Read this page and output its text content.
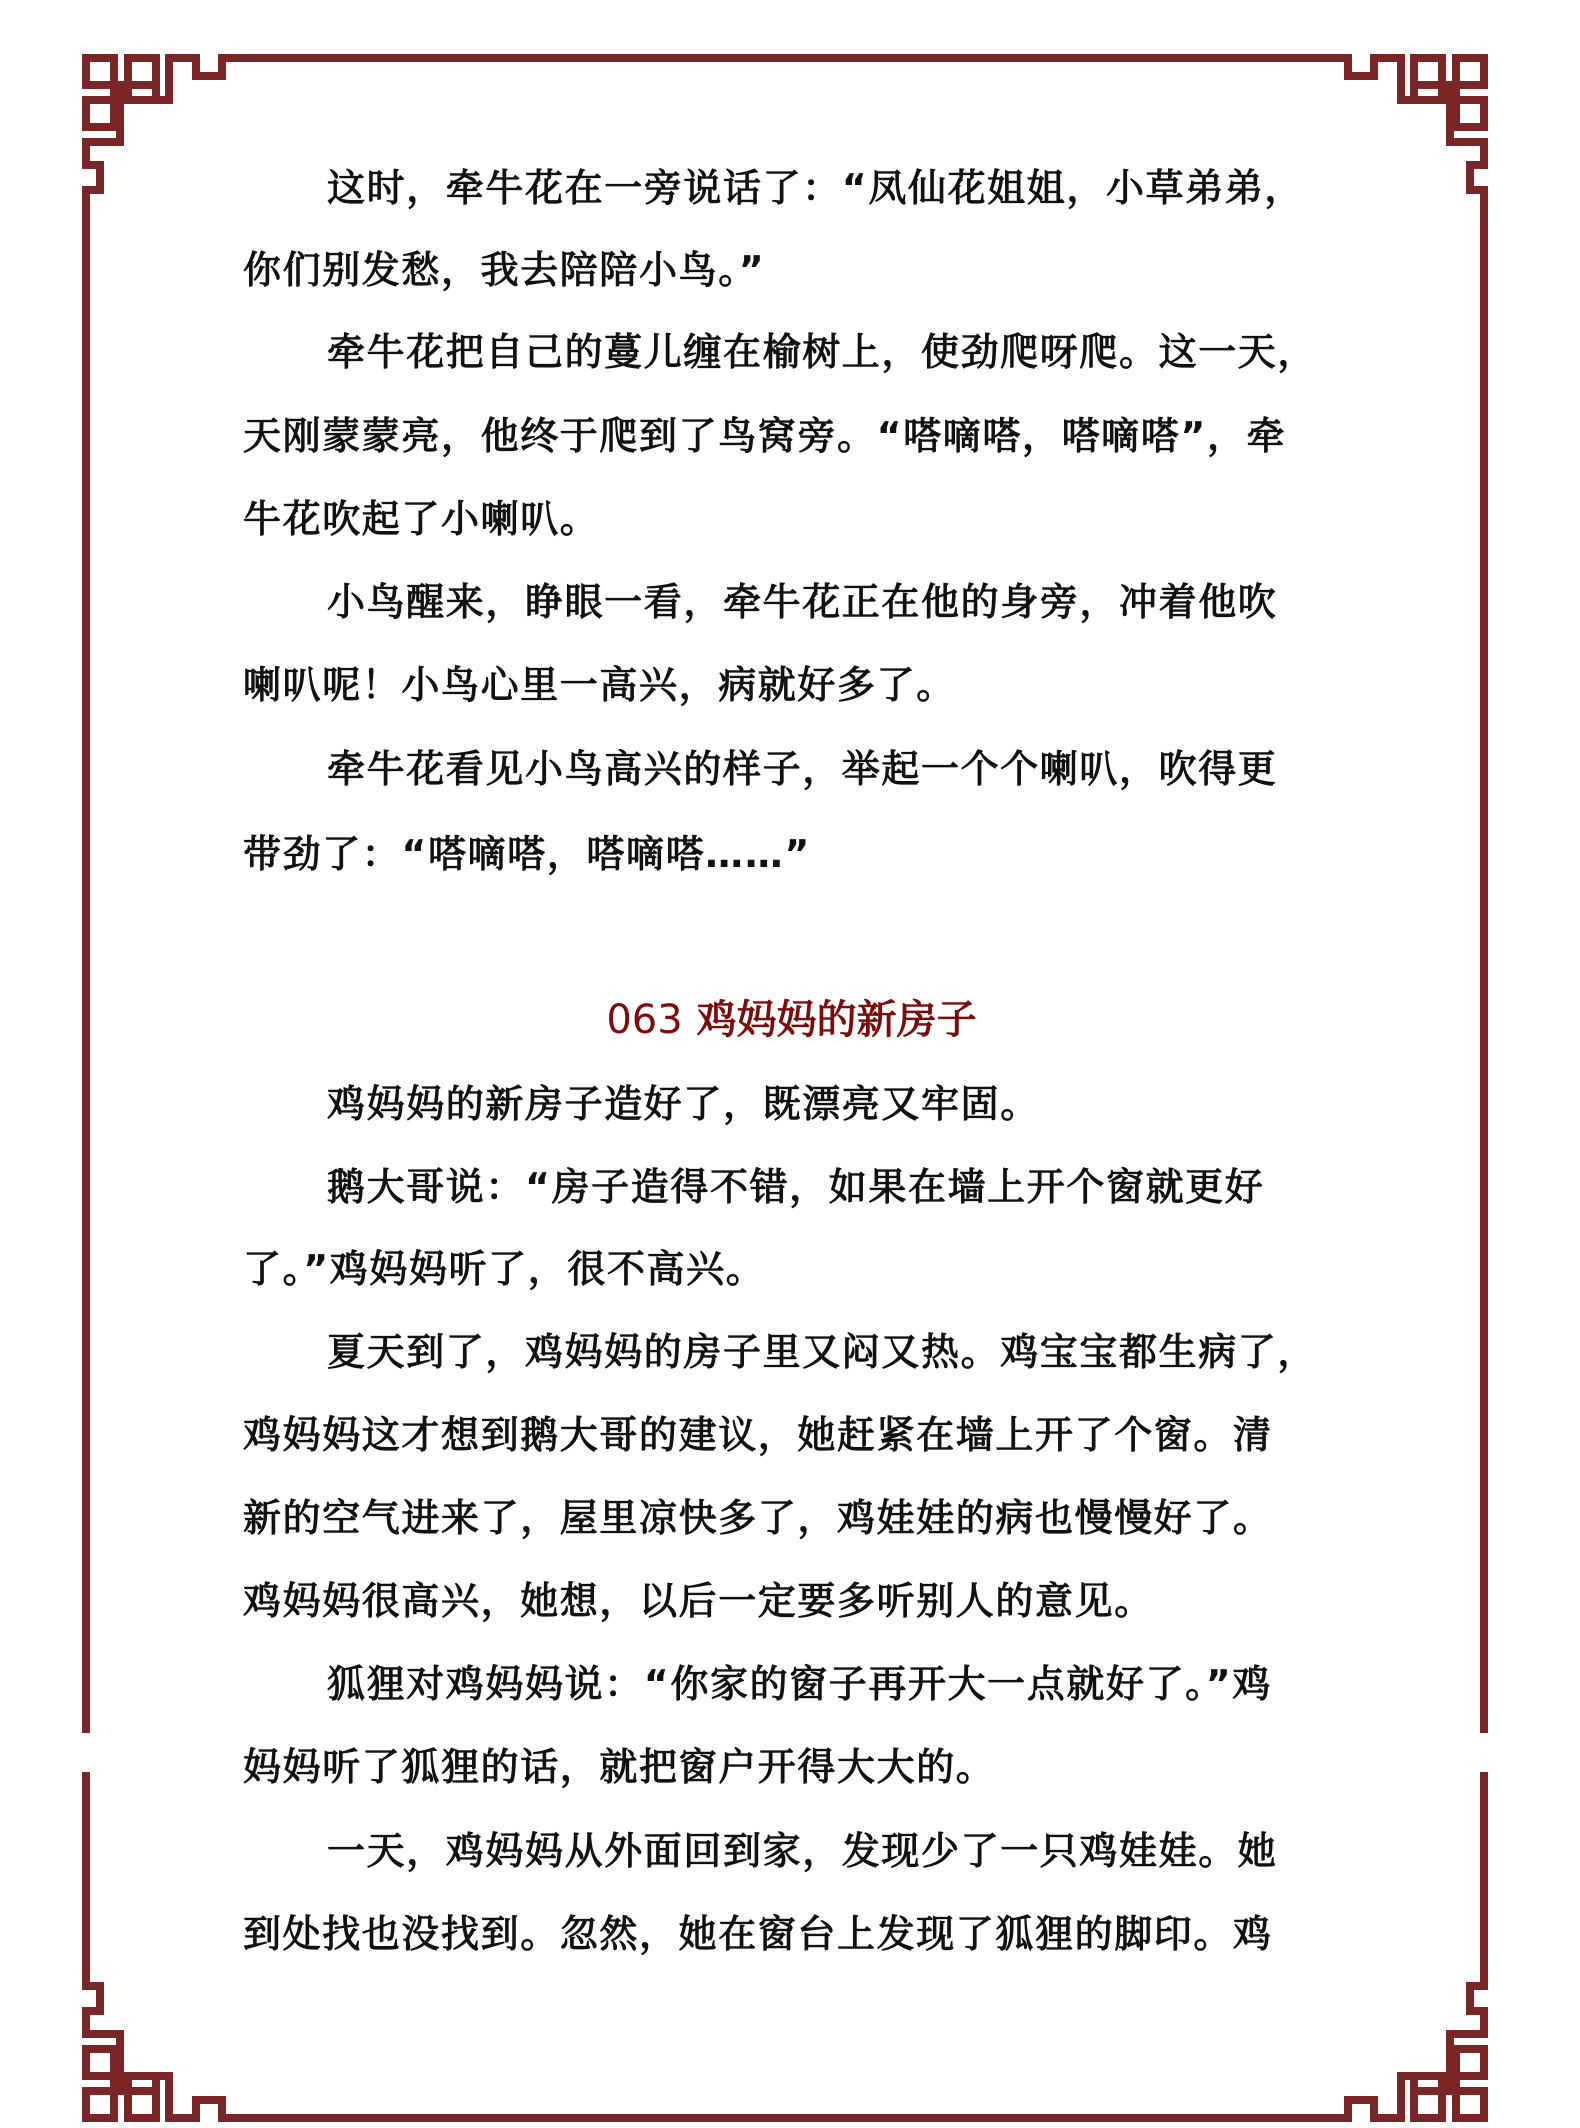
这时，牵牛花在一旁说话了：“凤仙花姐姐，小草弟弟，
你们别发愁，我去陪陪小鸟。”
牵牛花把自己的蔓儿缠在榆树上，使劲爬呀爬。这一天，
天刚蒙蒙亮，他终于爬到了鸟窝旁。“嗒嘀嗒，嗒嘀嗒”，牵
牛花吹起了小喇叭。
小鸟醒来，睁眼一看，牵牛花正在他的身旁，冲着他吹
喇叭呢！小鸟心里一高兴，病就好多了。
牵牛花看见小鸟高兴的样子，举起一个个喇叭，吹得更
带劲了：“嗒嘀嗒，嗒嘀嗒……”
063 鸡妈妈的新房子
鸡妈妈的新房子造好了，既漂亮又牢固。
鹅大哥说：“房子造得不错，如果在墙上开个窗就更好
了。”鸡妈妈听了，很不高兴。
夏天到了，鸡妈妈的房子里又闷又热。鸡宝宝都生病了，
鸡妈妈这才想到鹅大哥的建议，她赶紧在墙上开了个窗。清
新的空气进来了，屋里凉快多了，鸡娃娃的病也慢慢好了。
鸡妈妈很高兴，她想，以后一定要多听别人的意见。
狐狸对鸡妈妈说：“你家的窗子再开大一点就好了。”鸡
妈妈听了狐狸的话，就把窗户开得大大的。
一天，鸡妈妈从外面回到家，发现少了一只鸡娃娃。她
到处找也没找到。忽然，她在窗台上发现了狐狸的脚印。鸡
